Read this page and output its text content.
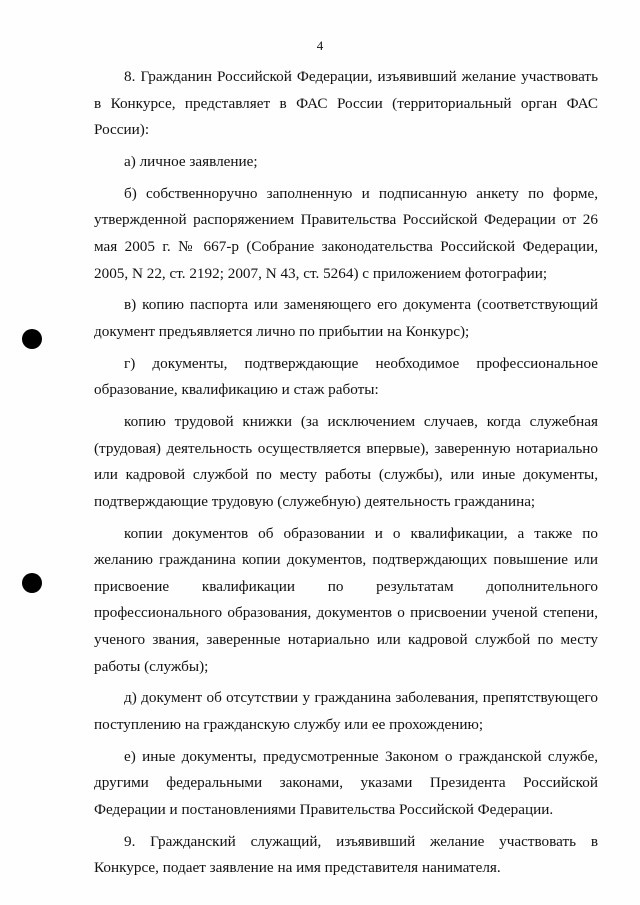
4

8. Гражданин Российской Федерации, изъявивший желание участвовать в Конкурсе, представляет в ФАС России (территориальный орган ФАС России):

а) личное заявление;

б) собственноручно заполненную и подписанную анкету по форме, утвержденной распоряжением Правительства Российской Федерации от 26 мая 2005 г. № 667-р (Собрание законодательства Российской Федерации, 2005, N 22, ст. 2192; 2007, N 43, ст. 5264) с приложением фотографии;

в) копию паспорта или заменяющего его документа (соответствующий документ предъявляется лично по прибытии на Конкурс);

г) документы, подтверждающие необходимое профессиональное образование, квалификацию и стаж работы:

копию трудовой книжки (за исключением случаев, когда служебная (трудовая) деятельность осуществляется впервые), заверенную нотариально или кадровой службой по месту работы (службы), или иные документы, подтверждающие трудовую (служебную) деятельность гражданина;

копии документов об образовании и о квалификации, а также по желанию гражданина копии документов, подтверждающих повышение или присвоение квалификации по результатам дополнительного профессионального образования, документов о присвоении ученой степени, ученого звания, заверенные нотариально или кадровой службой по месту работы (службы);

д) документ об отсутствии у гражданина заболевания, препятствующего поступлению на гражданскую службу или ее прохождению;

е) иные документы, предусмотренные Законом о гражданской службе, другими федеральными законами, указами Президента Российской Федерации и постановлениями Правительства Российской Федерации.

9. Гражданский служащий, изъявивший желание участвовать в Конкурсе, подает заявление на имя представителя нанимателя.
